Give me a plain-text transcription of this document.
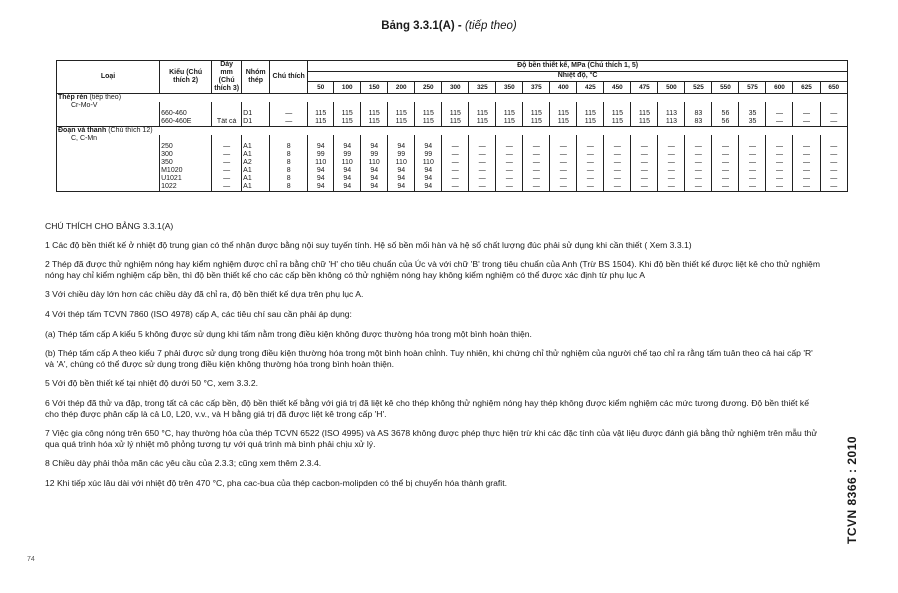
Bảng 3.3.1(A) - (tiếp theo)
Loại	Kiểu (Chú thích 2)	Dày mm (Chú thích 3)	Nhóm thép	Chú thích	Độ bền thiết kế, MPa (Chú thích 1, 5)																			
					Nhiệt độ, °C																			
					50	100	150	200	250	300	325	350	375	400	425	450	475	500	525	550	575	600	625	650
Thép rèn (tiếp theo)																								
Cr-Mo-V																								
	660-460		D1	—	115	115	115	115	115	115	115	115	115	115	115	115	115	113	83	56	35	—	—	—
	660-460E	Tất cả	D1	—	115	115	115	115	115	115	115	115	115	115	115	115	115	113	83	56	35	—	—	—
Đoạn và thanh (Chú thích 12)																								
C, C-Mn																								
	250	—	A1	8	94	94	94	94	94	—	—	—	—	—	—	—	—	—	—	—	—	—	—	—
	300	—	A1	8	99	99	99	99	99	—	—	—	—	—	—	—	—	—	—	—	—	—	—	—
	350	—	A2	8	110	110	110	110	110	—	—	—	—	—	—	—	—	—	—	—	—	—	—	—
	M1020	—	A1	8	94	94	94	94	94	—	—	—	—	—	—	—	—	—	—	—	—	—	—	—
	U1021	—	A1	8	94	94	94	94	94	—	—	—	—	—	—	—	—	—	—	—	—	—	—	—
	1022	—	A1	8	94	94	94	94	94	—	—	—	—	—	—	—	—	—	—	—	—	—	—	—

CHÚ THÍCH CHO BẢNG 3.3.1(A)

1 Các độ bền thiết kế ở nhiệt độ trung gian có thể nhận được bằng nội suy tuyến tính. Hệ số bền mối hàn và hệ số chất lượng đúc phải sử dụng khi cần thiết ( Xem 3.3.1)

2 Thép đã được thử nghiệm nóng hay kiểm nghiệm được chỉ ra bằng chữ 'H' cho tiêu chuẩn của Úc và với chữ 'B' trong tiêu chuẩn của Anh (Trừ BS 1504). Khi độ bền thiết kế được liệt kê cho thử nghiệm nóng hay chỉ kiểm nghiệm cấp bền, thì độ bền thiết kế cho các cấp bền không có thử nghiệm nóng hay không kiểm nghiệm có thể được xác định từ phụ lục A

3 Với chiều dày lớn hơn các chiều dày đã chỉ ra, độ bền thiết kế dựa trên phụ lục A.

4 Với thép tấm TCVN 7860 (ISO 4978) cấp A, các tiêu chí sau cần phải áp dụng:

(a) Thép tấm cấp A kiểu 5 không được sử dụng khi tấm nằm trong điều kiện không được thường hóa trong một bình hoàn thiện.

(b) Thép tấm cấp A theo kiểu 7 phải được sử dụng trong điều kiện thường hóa trong một bình hoàn chỉnh. Tuy nhiên, khi chứng chỉ thử nghiệm của người chế tạo chỉ ra rằng tấm tuân theo cả hai cấp 'R' và 'A', chúng có thể được sử dụng trong điều kiện không thường hóa trong bình hoàn thiện.

5 Với độ bền thiết kế tại nhiệt độ dưới 50 °C, xem 3.3.2.

6 Với thép đã thử va đập, trong tất cả các cấp bền, độ bền thiết kế bằng với giá trị đã liệt kê cho thép không thử nghiệm nóng hay thép không được kiểm nghiệm các mức tương đương. Độ bền thiết kế cho thép được phân cấp là cả L0, L20, v.v., và H bằng giá trị đã được liệt kê trong cấp 'H'.

7 Việc gia công nóng trên 650 °C, hay thường hóa của thép TCVN 6522 (ISO 4995) và AS 3678 không được phép thực hiện trừ khi các đặc tính của vật liệu được đánh giá bằng thử nghiệm trên mẫu thử qua quá trình hóa xử lý nhiệt mô phỏng tương tự với quá trình mà bình phải chịu xử lý.

8 Chiều dày phải thỏa mãn các yêu cầu của 2.3.3; cũng xem thêm 2.3.4.

12 Khi tiếp xúc lâu dài với nhiệt độ trên 470 °C, pha cac-bua của thép cacbon-molipden có thể bị chuyển hóa thành grafit.	TCVN 8366 : 2010
74
